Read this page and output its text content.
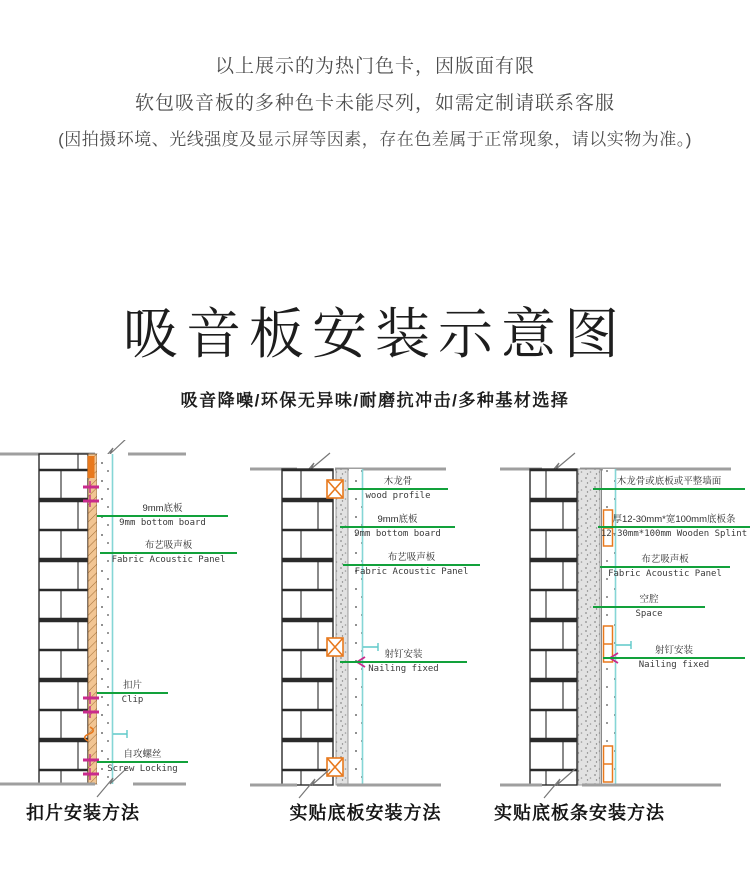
以上展示的为热门色卡，因版面有限
软包吸音板的多种色卡未能尽列，如需定制请联系客服
(因拍摄环境、光线强度及显示屏等因素，存在色差属于正常现象，请以实物为准。)
吸音板安装示意图
吸音降噪/环保无异味/耐磨抗冲击/多种基材选择
9mm底板
9mm bottom board
布艺吸声板
Fabric Acoustic Panel
扣片
Clip
自攻螺丝
Screw Locking
木龙骨
wood profile
9mm底板
9mm bottom board
布艺吸声板
Fabric Acoustic Panel
射钉安装
Nailing fixed
木龙骨或底板或平整墙面
厚12-30mm*宽100mm底板条
12-30mm*100mm Wooden Splint
布艺吸声板
Fabric Acoustic Panel
空腔
Space
射钉安装
Nailing fixed
扣片安装方法	实贴底板安装方法	实贴底板条安装方法
